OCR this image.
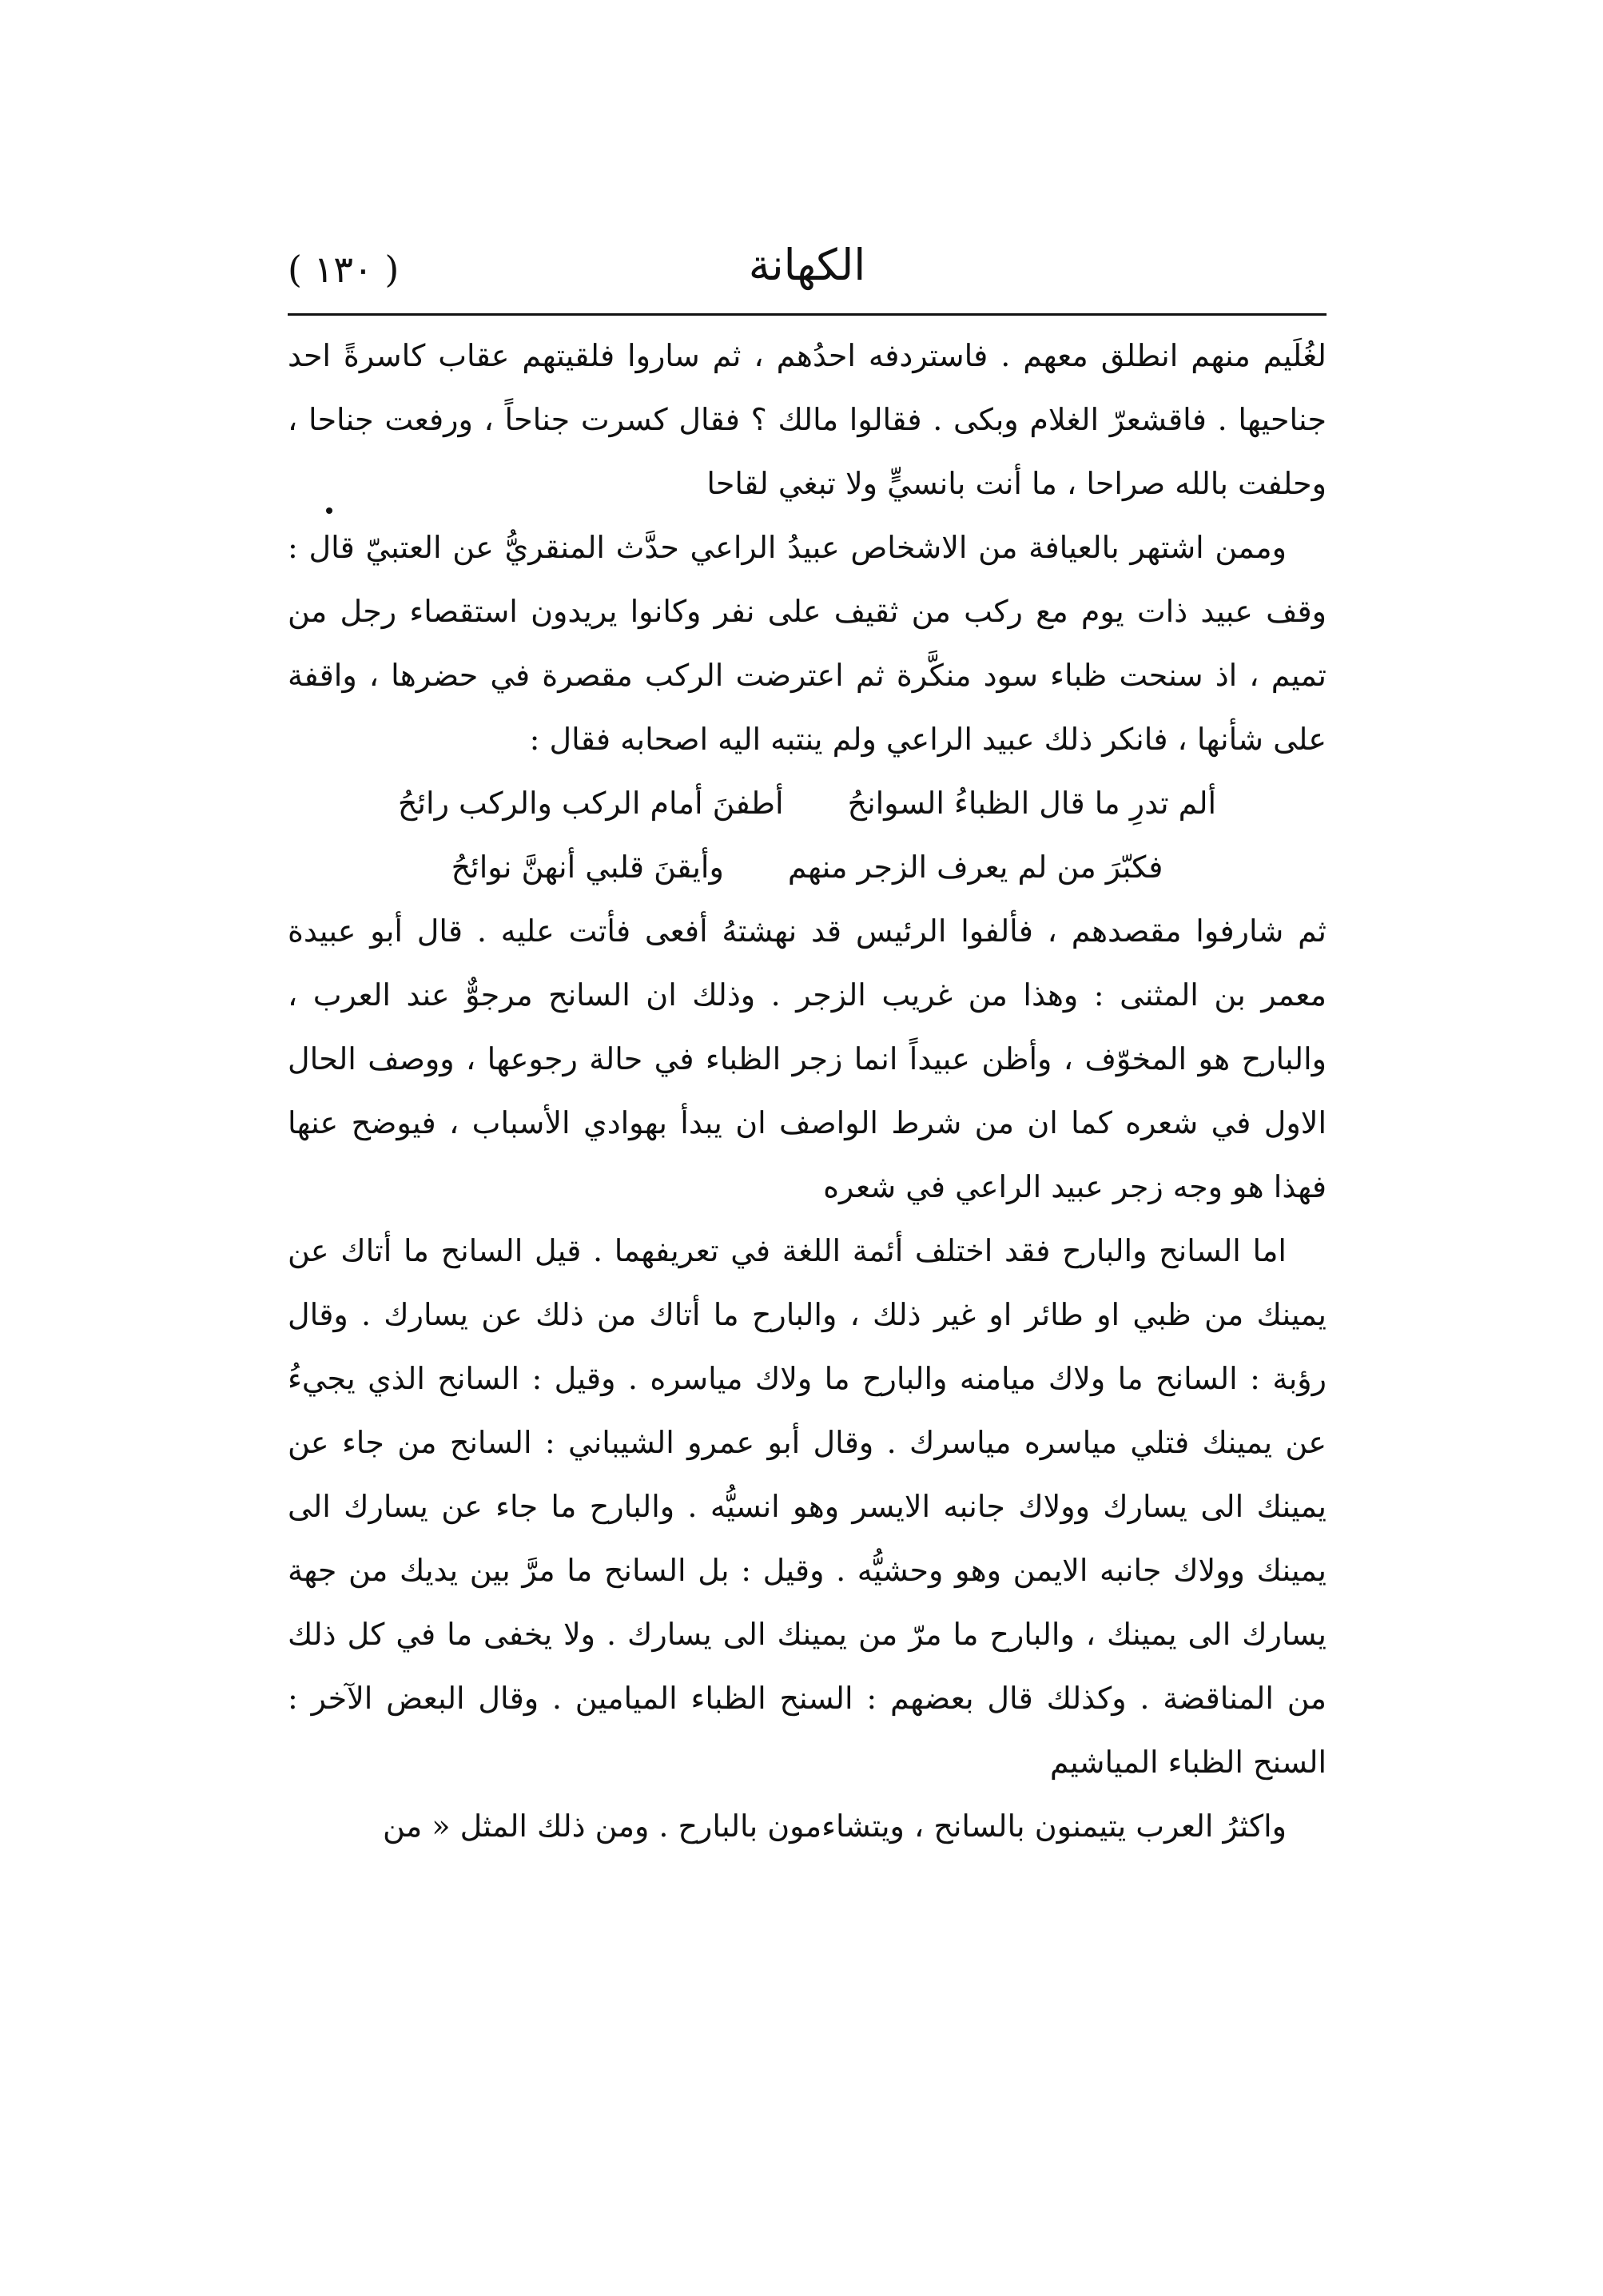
( ١٣٠ )	الكهانة

لغُلَيم منهم انطلق معهم . فاستردفه احدُهم ، ثم ساروا فلقيتهم عقاب كاسرةً احد جناحيها . فاقشعرّ الغلام وبكى . فقالوا مالك ؟ فقال كسرت جناحاً ، ورفعت جناحا ، وحلفت بالله صراحا ، ما أنت بانسيٍّ ولا تبغي لقاحا

وممن اشتهر بالعيافة من الاشخاص عبيدُ الراعي حدَّث المنقريُّ عن العتبيّ قال : وقف عبيد ذات يوم مع ركب من ثقيف على نفر وكانوا يريدون استقصاء رجل من تميم ، اذ سنحت ظباء سود منكَّرة ثم اعترضت الركب مقصرة في حضرها ، واقفة على شأنها ، فانكر ذلك عبيد الراعي ولم ينتبه اليه اصحابه فقال :

ألم تدرِ ما قال الظباءُ السوانحُ
أطفنَ أمام الركب والركب رائحُ
فكبّرَ من لم يعرف الزجر منهم
وأيقنَ قلبي أنهنَّ نوائحُ

ثم شارفوا مقصدهم ، فألفوا الرئيس قد نهشتهُ أفعى فأتت عليه . قال أبو عبيدة معمر بن المثنى : وهذا من غريب الزجر . وذلك ان السانح مرجوٌّ عند العرب ، والبارح هو المخوّف ، وأظن عبيداً انما زجر الظباء في حالة رجوعها ، ووصف الحال الاول في شعره كما ان من شرط الواصف ان يبدأ بهوادي الأسباب ، فيوضح عنها فهذا هو وجه زجر عبيد الراعي في شعره

اما السانح والبارح فقد اختلف أئمة اللغة في تعريفهما . قيل السانح ما أتاك عن يمينك من ظبي او طائر او غير ذلك ، والبارح ما أتاك من ذلك عن يسارك . وقال رؤبة : السانح ما ولاك ميامنه والبارح ما ولاك مياسره . وقيل : السانح الذي يجيءُ عن يمينك فتلي مياسره مياسرك . وقال أبو عمرو الشيباني : السانح من جاء عن يمينك الى يسارك وولاك جانبه الايسر وهو انسيُّه . والبارح ما جاء عن يسارك الى يمينك وولاك جانبه الايمن وهو وحشيُّه . وقيل : بل السانح ما مرَّ بين يديك من جهة يسارك الى يمينك ، والبارح ما مرّ من يمينك الى يسارك . ولا يخفى ما في كل ذلك من المناقضة . وكذلك قال بعضهم : السنح الظباء الميامين . وقال البعض الآخر : السنح الظباء المياشيم

واكثرُ العرب يتيمنون بالسانح ، ويتشاءمون بالبارح . ومن ذلك المثل « من
